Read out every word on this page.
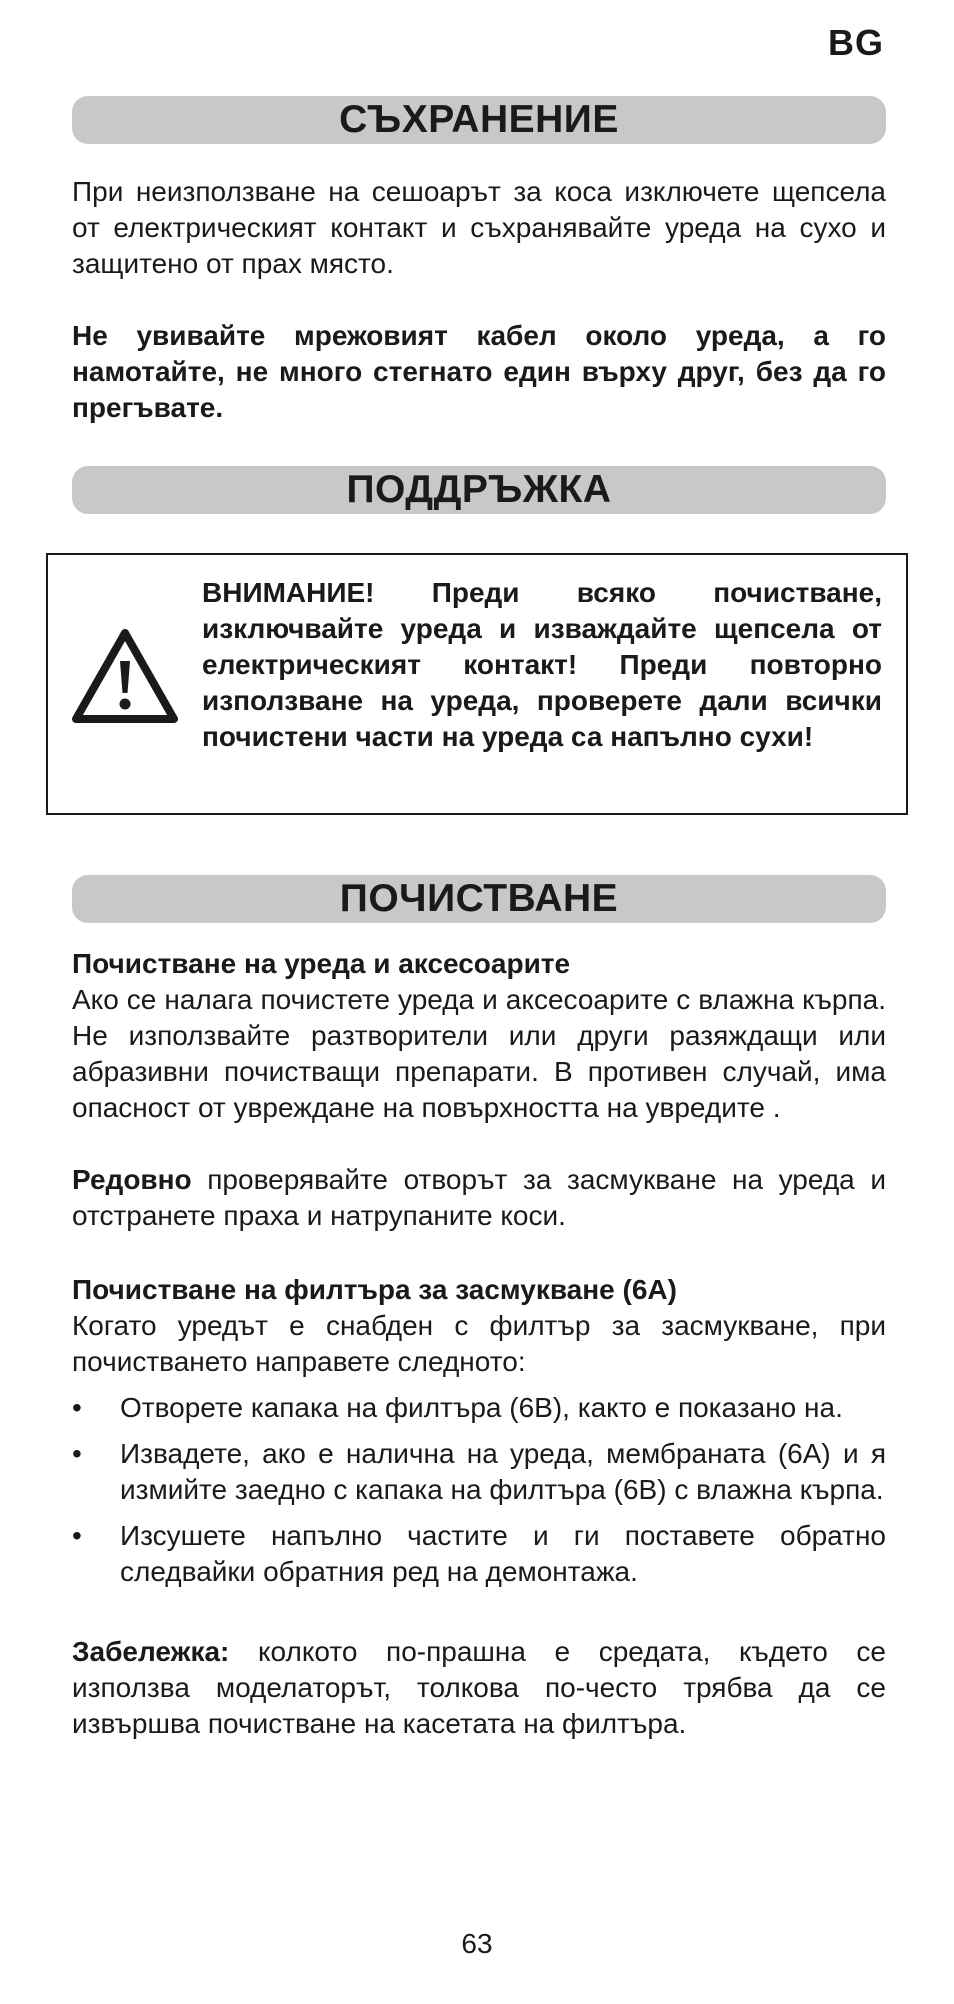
BG
СЪХРАНЕНИЕ
При неизползване на сешоарът за коса изключете щепсела от електрическият контакт и съхранявайте уреда на сухо и защитено от прах място.
Не увивайте мрежовият кабел около уреда, а го намотайте, не много стегнато един върху друг, без да го прегъвате.
ПОДДРЪЖКА
ВНИМАНИЕ! Преди всяко почистване, изключвайте уреда и изваждайте щепсела от електрическият контакт! Преди повторно използване на уреда, проверете дали всички почистени части на уреда са напълно сухи!
ПОЧИСТВАНЕ
Почистване на уреда и аксесоарите
Ако се налага почистете уреда и аксесоарите с влажна кърпа. Не използвайте разтворители или други разяждащи или абразивни почистващи препарати. В противен случай, има опасност от увреждане на повърхността на увредите .
Редовно проверявайте отворът за засмукване на уреда и отстранете праха и натрупаните коси.
Почистване на филтъра за засмукване (6A)
Когато уредът е снабден с филтър за засмукване, при почистването направете следното:
• Отворете капака на филтъра (6B), както е показано на.
• Извадете, ако е налична на уреда, мембраната (6A) и я измийте заедно с капака на филтъра (6B) с влажна кърпа.
• Изсушете напълно частите и ги поставете обратно следвайки обратния ред на демонтажа.
Забележка: колкото по-прашна е средата, където се използва моделаторът, толкова по-често трябва да се извършва почистване на касетата на филтъра.
63
